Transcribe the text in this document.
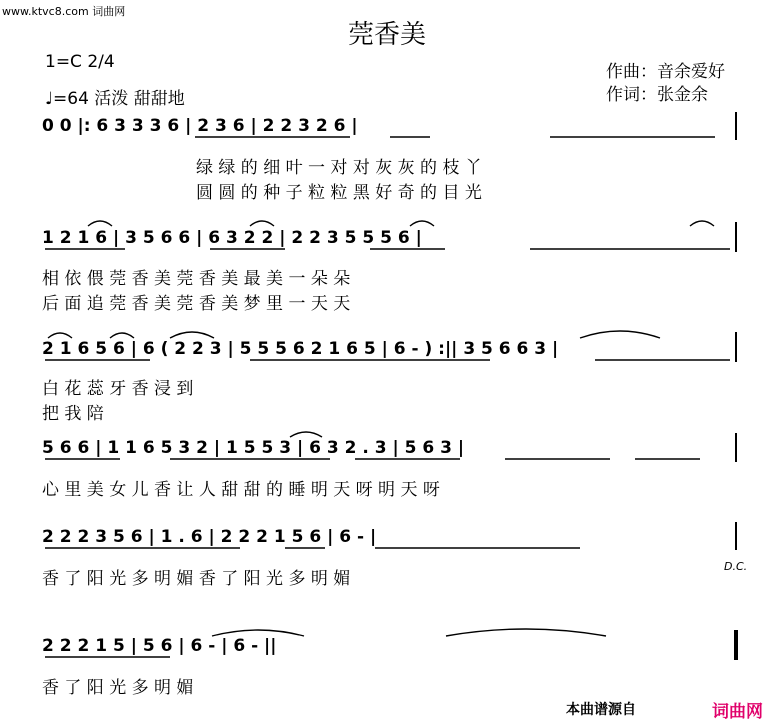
www.ktvc8.com 词曲网
莞香美
1=C 2/4
♩=64 活泼 甜甜地
作曲：音余爱好
作词：张金余
0 0 |: 6 3 3 3 6 | 2 3 6 | 2 2 3 2 6 |
绿 绿 的 细 叶 一 对 对 灰 灰 的 枝 丫
圆 圆 的 种 子 粒 粒 黑 好 奇 的 目 光
1 2 1 6 | 3 5 6 6 | 6 3 2 2 | 2 2 3 5 5 5 6 |
相 依 偎 莞 香 美 莞 香 美 最 美 一 朵 朵
后 面 追 莞 香 美 莞 香 美 梦 里 一 天 天
2 1 6 5 6 | 6 ( 2 2 3 | 5 5 5 6 2 1 6 5 | 6 - ) :|| 3 5 6 6 3 |
白 花 蕊 牙 香 浸 到
把 我 陪
5 6 6 | 1 1 6 5 3 2 | 1 5 5 3 | 6 3 2 . 3 | 5 6 3 |
心 里 美 女 儿 香 让 人 甜 甜 的 睡 明 天 呀 明 天 呀
2 2 2 3 5 6 | 1 . 6 | 2 2 2 1 5 6 | 6 - |
香 了 阳 光 多 明 媚 香 了 阳 光 多 明 媚
D.C.
2 2 2 1 5 | 5 6 | 6 - | 6 - ||
香 了 阳 光 多 明 媚
本曲谱源自	词曲网
